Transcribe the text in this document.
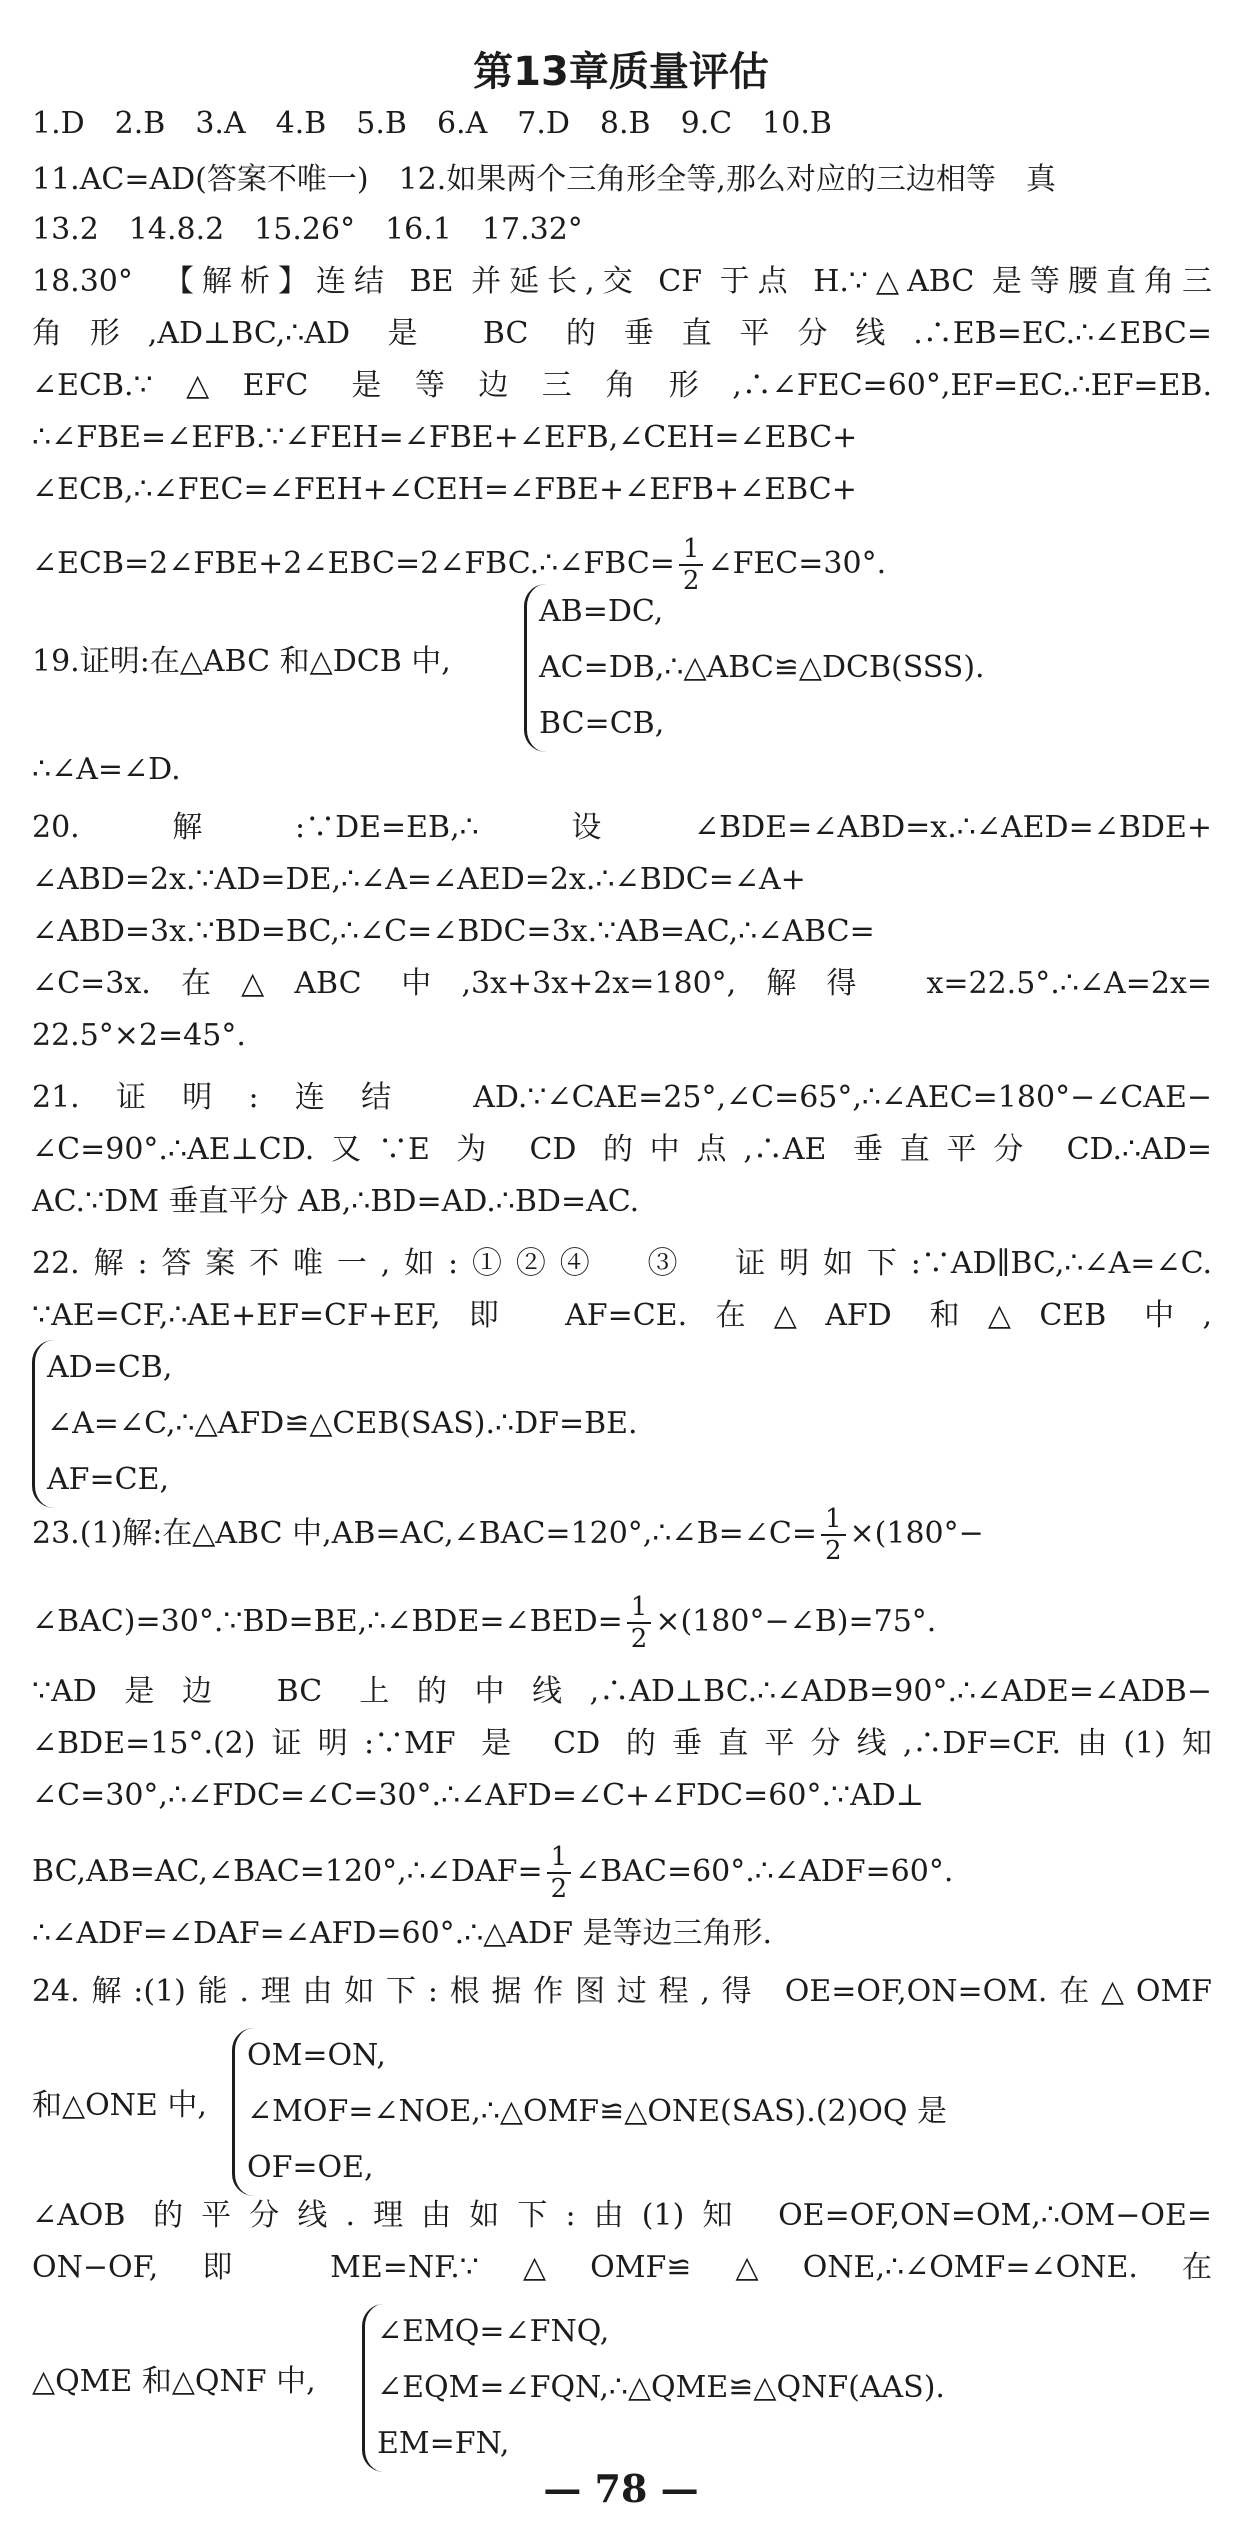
第13章质量评估
1.D　2.B　3.A　4.B　5.B　6.A　7.D　8.B　9.C　10.B
11.AC=AD(答案不唯一)　12.如果两个三角形全等,那么对应的三边相等　真
13.2　14.8.2　15.26°　16.1　17.32°
18.30°　【解析】连结 BE 并延长,交 CF 于点 H.∵△ABC 是等腰直角三
角形,AD⊥BC,∴AD 是 BC 的垂直平分线.∴EB=EC.∴∠EBC=
∠ECB.∵△EFC 是等边三角形,∴∠FEC=60°,EF=EC.∴EF=EB.
∴∠FBE=∠EFB.∵∠FEH=∠FBE+∠EFB,∠CEH=∠EBC+
∠ECB,∴∠FEC=∠FEH+∠CEH=∠FBE+∠EFB+∠EBC+
∠ECB=2∠FBE+2∠EBC=2∠FBC.∴∠FBC= $\frac{1}{2}$ ∠FEC=30°.
19.证明:在△ABC 和△DCB 中,
AB=DC,
AC=DB,∴△ABC≌△DCB(SSS).
BC=CB,
∴∠A=∠D.
20.解:∵DE=EB,∴设∠BDE=∠ABD=x.∴∠AED=∠BDE+
∠ABD=2x.∵AD=DE,∴∠A=∠AED=2x.∴∠BDC=∠A+
∠ABD=3x.∵BD=BC,∴∠C=∠BDC=3x.∵AB=AC,∴∠ABC=
∠C=3x.在△ABC 中,3x+3x+2x=180°,解得 x=22.5°.∴∠A=2x=
22.5°×2=45°.
21.证明:连结 AD.∵∠CAE=25°,∠C=65°,∴∠AEC=180°−∠CAE−
∠C=90°.∴AE⊥CD.又∵E 为 CD 的中点,∴AE 垂直平分 CD.∴AD=
AC.∵DM 垂直平分 AB,∴BD=AD.∴BD=AC.
22.解:答案不唯一,如:①②④　③　证明如下:∵AD∥BC,∴∠A=∠C.
∵AE=CF,∴AE+EF=CF+EF,即 AF=CE.在△AFD 和△CEB 中,
AD=CB,
∠A=∠C,∴△AFD≌△CEB(SAS).∴DF=BE.
AF=CE,
23.(1)解:在△ABC 中,AB=AC,∠BAC=120°,∴∠B=∠C= $\frac{1}{2} \times(180^\circ-$
∠BAC)=30°.∵BD=BE,∴∠BDE=∠BED= $\frac{1}{2}$ ×(180°−∠B)=75°.
∵AD是边 BC 上的中线,∴AD⊥BC.∴∠ADB=90°.∴∠ADE=∠ADB−
∠BDE=15°.(2)证明:∵MF 是 CD 的垂直平分线,∴DF=CF.由(1)知
∠C=30°,∴∠FDC=∠C=30°.∴∠AFD=∠C+∠FDC=60°.∵AD⊥
BC,AB=AC,∠BAC=120°,∴∠DAF= $\frac{1}{2}$ ∠BAC=60°.∴∠ADF=60°.
∴∠ADF=∠DAF=∠AFD=60°.∴△ADF 是等边三角形.
24.解:(1)能.理由如下:根据作图过程,得 OE=OF,ON=OM.在△OMF
和△ONE 中,
OM=ON,
∠MOF=∠NOE,∴△OMF≌△ONE(SAS).(2)OQ 是
OF=OE,
∠AOB 的平分线.理由如下:由(1)知 OE=OF,ON=OM,∴OM−OE=
ON−OF,即 ME=NF.∵△OMF≌△ONE,∴∠OMF=∠ONE.在
△QME 和△QNF 中,
∠EMQ=∠FNQ,
∠EQM=∠FQN,∴△QME≌△QNF(AAS).
EM=FN,
— 78 —
